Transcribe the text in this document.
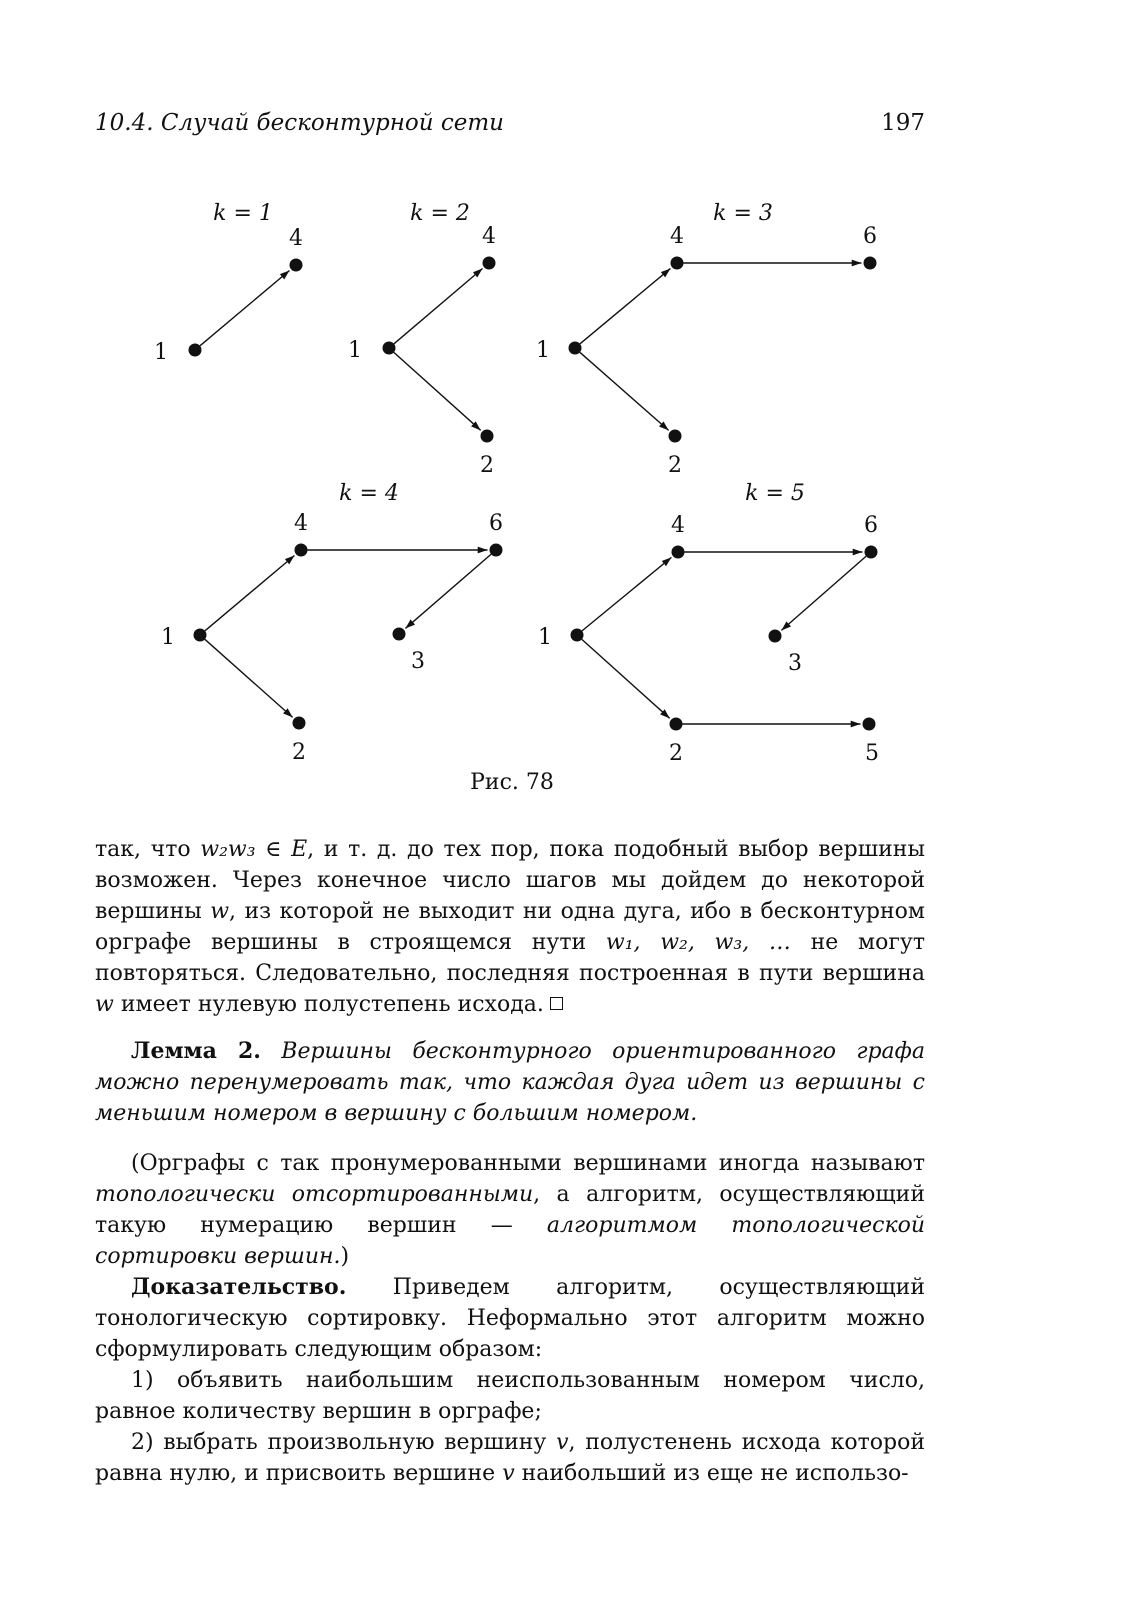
10.4. Случай бесконтурной сети	197
k = 1
1
4
k = 2
1
4
2
k = 3
1
4
2
6
k = 4
1
4
2
6
3
k = 5
1
4
2
6
3
5
Рис. 78

так, что w₂w₃ ∈ E, и т. д. до тех пор, пока подобный выбор вершины возможен. Через конечное число шагов мы дойдем до некоторой вершины w, из которой не выходит ни одна дуга, ибо в бесконтурном орграфе вершины в строящемся нути w₁, w₂, w₃, … не могут повторяться. Следовательно, последняя построенная в пути вершина w имеет нулевую полустепень исхода.

Лемма 2. Вершины бесконтурного ориентированного графа можно перенумеровать так, что каждая дуга идет из вершины с меньшим номером в вершину с большим номером.

(Орграфы с так пронумерованными вершинами иногда называют топологически отсортированными, а алгоритм, осуществляющий такую нумерацию вершин — алгоритмом топологической сортировки вершин.)

Доказательство. Приведем алгоритм, осуществляющий тонологическую сортировку. Неформально этот алгоритм можно сформулировать следующим образом:

1) объявить наибольшим неиспользованным номером число, равное количеству вершин в орграфе;

2) выбрать произвольную вершину v, полустенень исхода которой равна нулю, и присвоить вершине v наибольший из еще не использо-
